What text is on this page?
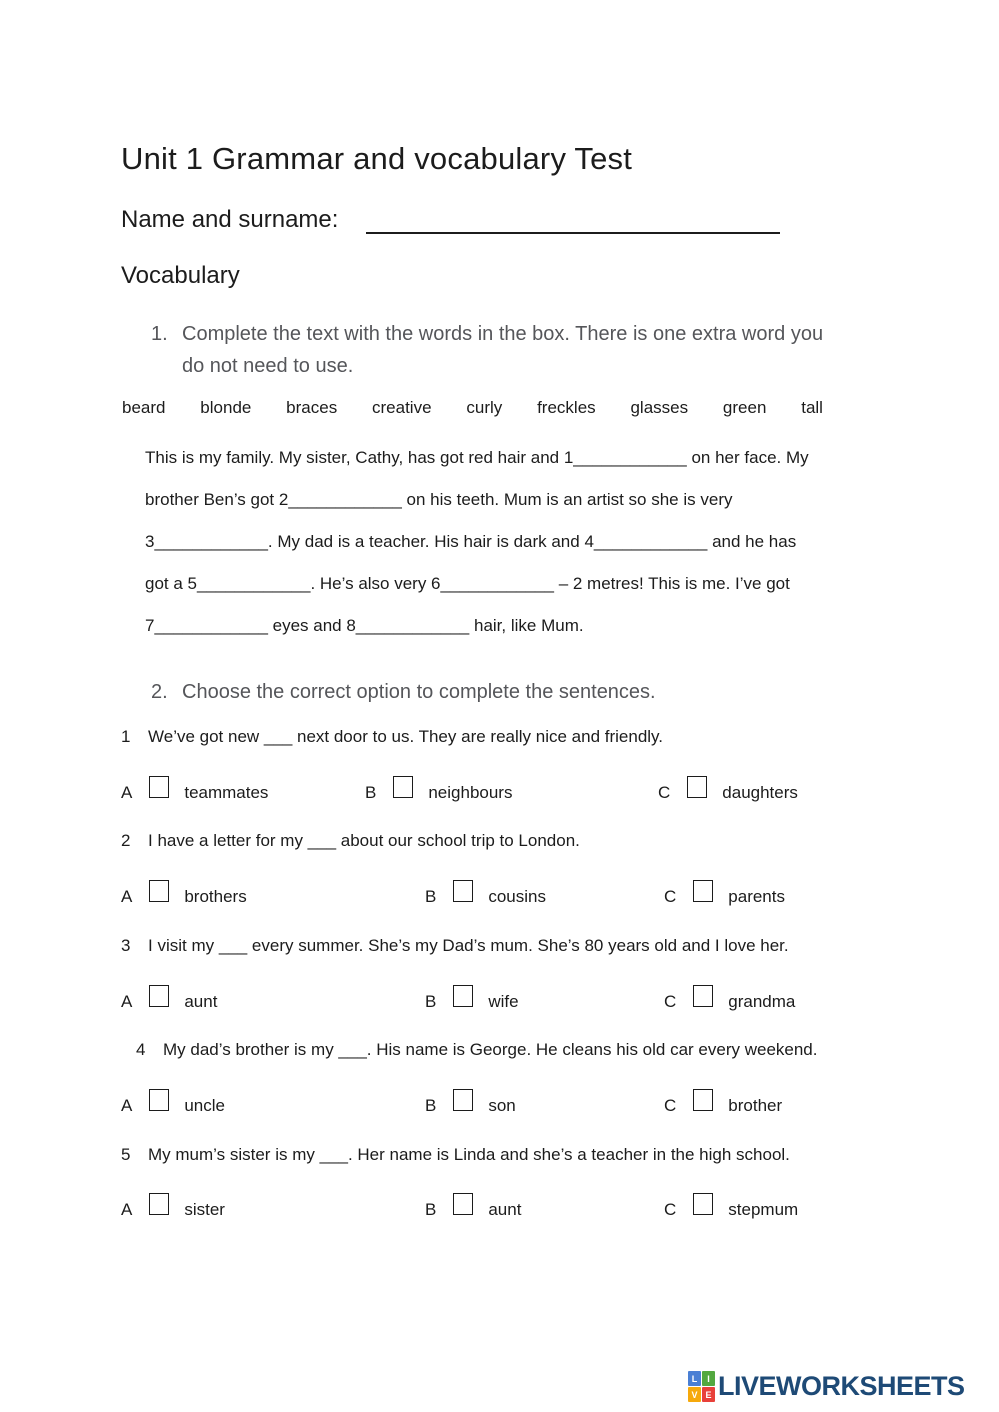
Unit 1 Grammar and vocabulary Test
Name and surname:
Vocabulary
1. Complete the text with the words in the box. There is one extra word you do not need to use.
beard blonde braces creative curly freckles glasses green tall
This is my family. My sister, Cathy, has got red hair and 1____________ on her face. My
brother Ben’s got 2____________ on his teeth. Mum is an artist so she is very
3____________. My dad is a teacher. His hair is dark and 4____________ and he has
got a 5____________. He’s also very 6____________ – 2 metres! This is me. I’ve got
7____________ eyes and 8____________ hair, like Mum.
2. Choose the correct option to complete the sentences.
1 We’ve got new ___ next door to us. They are really nice and friendly.
A	teammates	B	neighbours	C	daughters
2 I have a letter for my ___ about our school trip to London.
A	brothers	B	cousins	C	parents
3 I visit my ___ every summer. She’s my Dad’s mum. She’s 80 years old and I love her.
A	aunt	B	wife	C	grandma
4 My dad’s brother is my ___. His name is George. He cleans his old car every weekend.
A	uncle	B	son	C	brother
5 My mum’s sister is my ___. Her name is Linda and she’s a teacher in the high school.
A	sister	B	aunt	C	stepmum
L	I
V E LIVEWORKSHEETS
